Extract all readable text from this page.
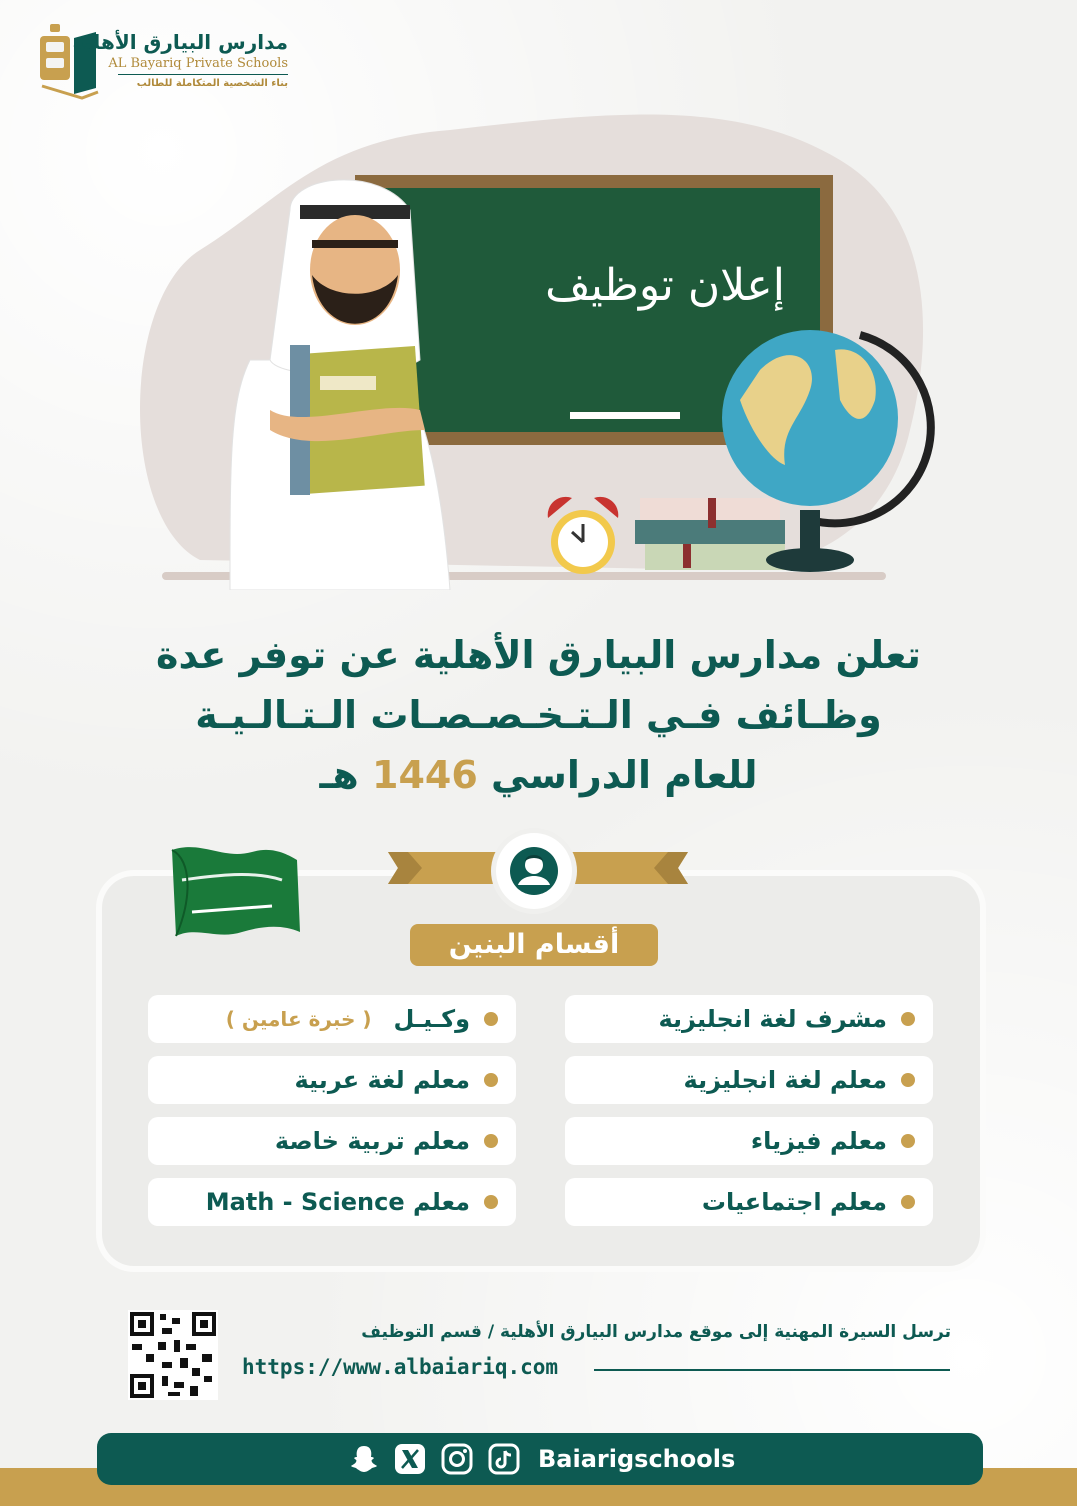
مدارس البيارق الأهلية
AL Bayariq Private Schools
بناء الشخصية المتكاملة للطالب
إعلان توظيف
تعلن مدارس البيارق الأهلية عن توفر عدة
وظـائف فـي الـتـخـصـصـات الـتـالـيـة
للعام الدراسي 1446 هـ
أقسام البنين
مشرف لغة انجليزية
معلم لغة انجليزية
معلم فيزياء
معلم اجتماعيات
وكـيـل
( خبرة عامين )
معلم لغة عربية
معلم تربية خاصة
معلم Math - Science
ترسل السيرة المهنية إلى موقع مدارس البيارق الأهلية / قسم التوظيف
https://www.albaiariq.com
Baiarigschools
